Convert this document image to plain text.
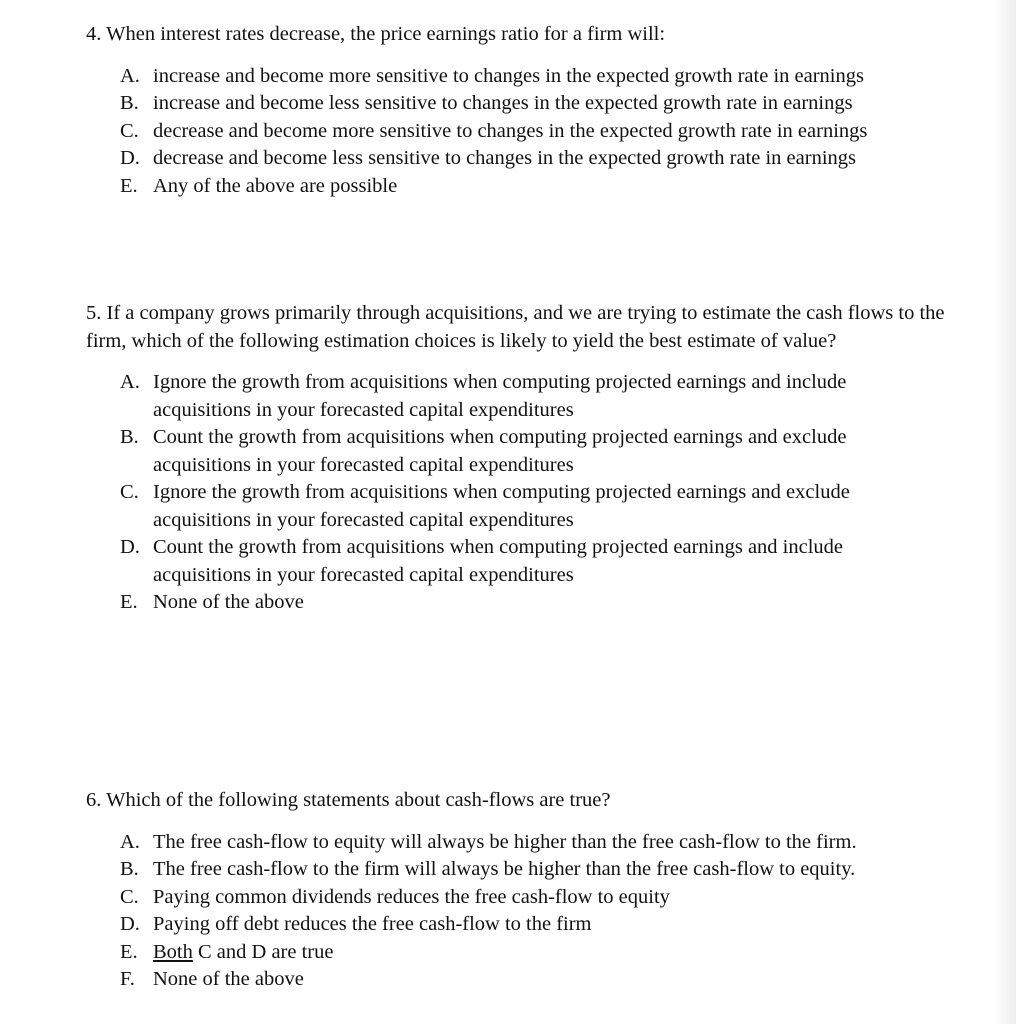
4. When interest rates decrease, the price earnings ratio for a firm will:

A. increase and become more sensitive to changes in the expected growth rate in earnings
B. increase and become less sensitive to changes in the expected growth rate in earnings
C. decrease and become more sensitive to changes in the expected growth rate in earnings
D. decrease and become less sensitive to changes in the expected growth rate in earnings
E. Any of the above are possible

5. If a company grows primarily through acquisitions, and we are trying to estimate the cash flows to the firm, which of the following estimation choices is likely to yield the best estimate of value?

A. Ignore the growth from acquisitions when computing projected earnings and include acquisitions in your forecasted capital expenditures
B. Count the growth from acquisitions when computing projected earnings and exclude acquisitions in your forecasted capital expenditures
C. Ignore the growth from acquisitions when computing projected earnings and exclude acquisitions in your forecasted capital expenditures
D. Count the growth from acquisitions when computing projected earnings and include acquisitions in your forecasted capital expenditures
E. None of the above

6. Which of the following statements about cash-flows are true?

A. The free cash-flow to equity will always be higher than the free cash-flow to the firm.
B. The free cash-flow to the firm will always be higher than the free cash-flow to equity.
C. Paying common dividends reduces the free cash-flow to equity
D. Paying off debt reduces the free cash-flow to the firm
E. Both C and D are true
F. None of the above
